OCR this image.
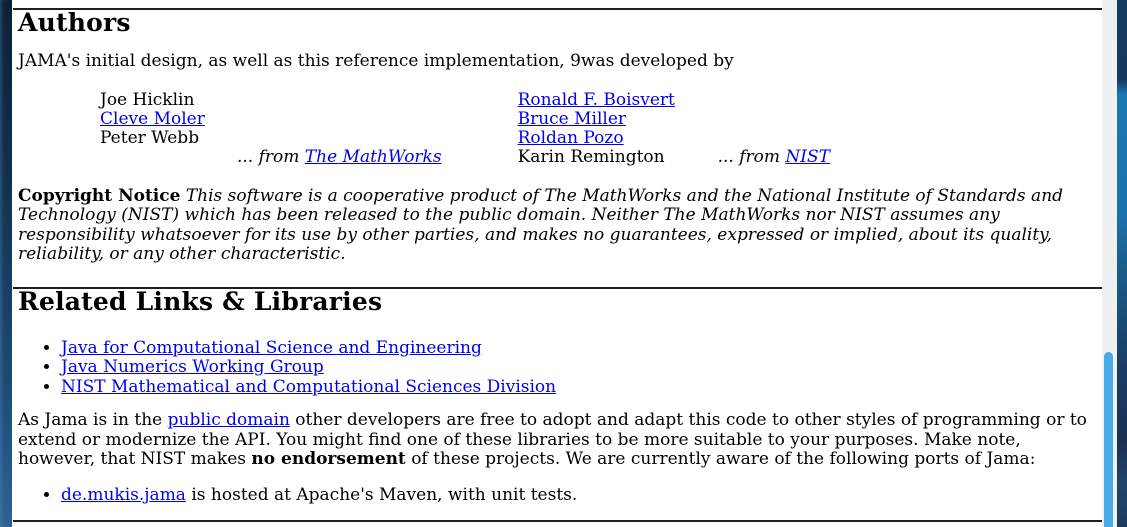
Authors

JAMA's initial design, as well as this reference implementation, 9was developed by

Joe Hicklin		Ronald F. Boisvert	
Cleve Moler		Bruce Miller	
Peter Webb		Roldan Pozo	
	... from The MathWorks	Karin Remington	... from NIST

Copyright Notice This software is a cooperative product of The MathWorks and the National Institute of Standards and Technology (NIST) which has been released to the public domain. Neither The MathWorks nor NIST assumes any responsibility whatsoever for its use by other parties, and makes no guarantees, expressed or implied, about its quality, reliability, or any other characteristic.

Related Links & Libraries
• Java for Computational Science and Engineering
• Java Numerics Working Group
• NIST Mathematical and Computational Sciences Division

As Jama is in the public domain other developers are free to adopt and adapt this code to other styles of programming or to extend or modernize the API. You might find one of these libraries to be more suitable to your purposes. Make note, however, that NIST makes no endorsement of these projects. We are currently aware of the following ports of Jama:

• de.mukis.jama is hosted at Apache's Maven, with unit tests.
